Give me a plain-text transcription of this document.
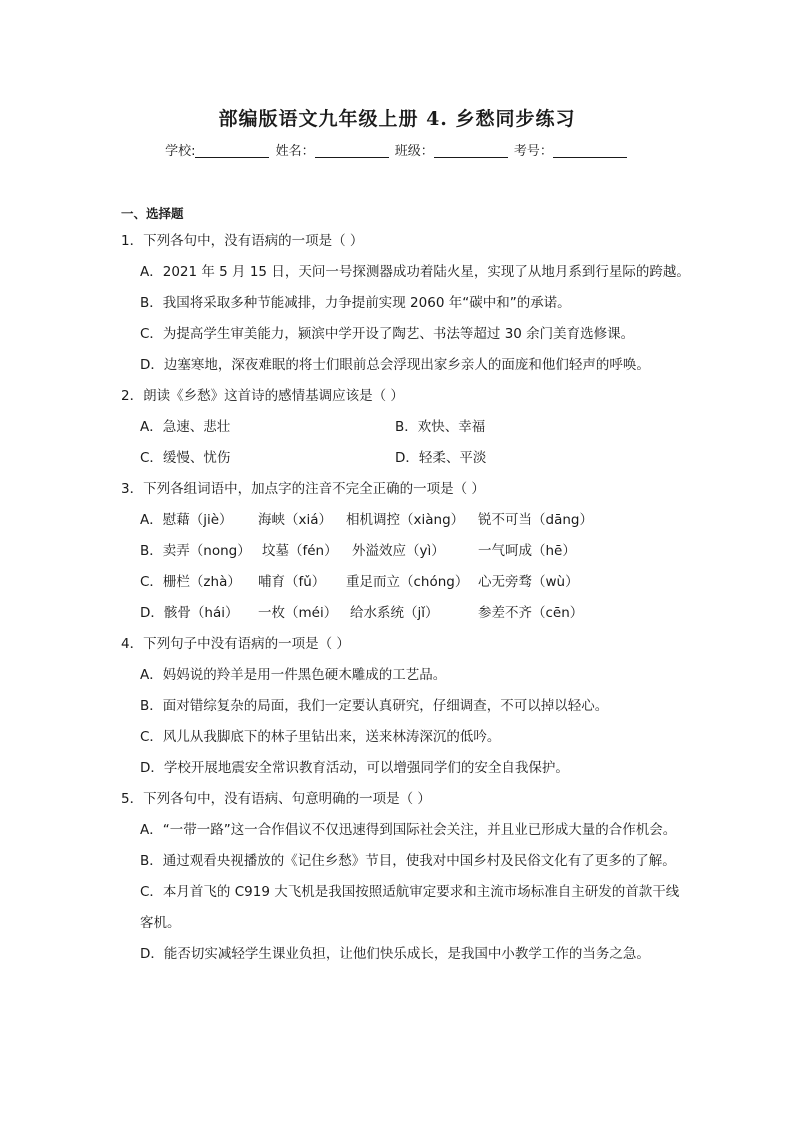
部编版语文九年级上册 4. 乡愁同步练习
学校:	姓名：	班级：	考号：
一、选择题
1．下列各句中，没有语病的一项是（ ）
A．2021 年 5 月 15 日，天问一号探测器成功着陆火星，实现了从地月系到行星际的跨越。
B．我国将采取多种节能减排，力争提前实现 2060 年“碳中和”的承诺。
C．为提高学生审美能力，颍滨中学开设了陶艺、书法等超过 30 余门美育选修课。
D．边塞寒地，深夜难眠的将士们眼前总会浮现出家乡亲人的面庞和他们轻声的呼唤。
2．朗读《乡愁》这首诗的感情基调应该是（ ）
A．急速、悲壮	B．欢快、幸福
C．缓慢、忧伤	D．轻柔、平淡
3．下列各组词语中，加点字的注音不完全正确的一项是（ ）
A．慰藉（jiè） 海峡（xiá） 相机调控（xiàng） 锐不可当（dāng）
B．卖弄（nong） 坟墓（fén） 外溢效应（yì） 一气呵成（hē）
C．栅栏（zhà） 哺育（fǔ） 重足而立（chóng） 心无旁骛（wù）
D．骸骨（hái） 一枚（méi） 给水系统（jǐ）	参差不齐（cēn）
4．下列句子中没有语病的一项是（ ）
A．妈妈说的羚羊是用一件黑色硬木雕成的工艺品。
B．面对错综复杂的局面，我们一定要认真研究，仔细调查，不可以掉以轻心。
C．风儿从我脚底下的林子里钻出来，送来林涛深沉的低吟。
D．学校开展地震安全常识教育活动，可以增强同学们的安全自我保护。
5．下列各句中，没有语病、句意明确的一项是（ ）
A．“一带一路”这一合作倡议不仅迅速得到国际社会关注，并且业已形成大量的合作机会。
B．通过观看央视播放的《记住乡愁》节目，使我对中国乡村及民俗文化有了更多的了解。
C．本月首飞的 C919 大飞机是我国按照适航审定要求和主流市场标准自主研发的首款干线客机。
D．能否切实减轻学生课业负担，让他们快乐成长，是我国中小教学工作的当务之急。
